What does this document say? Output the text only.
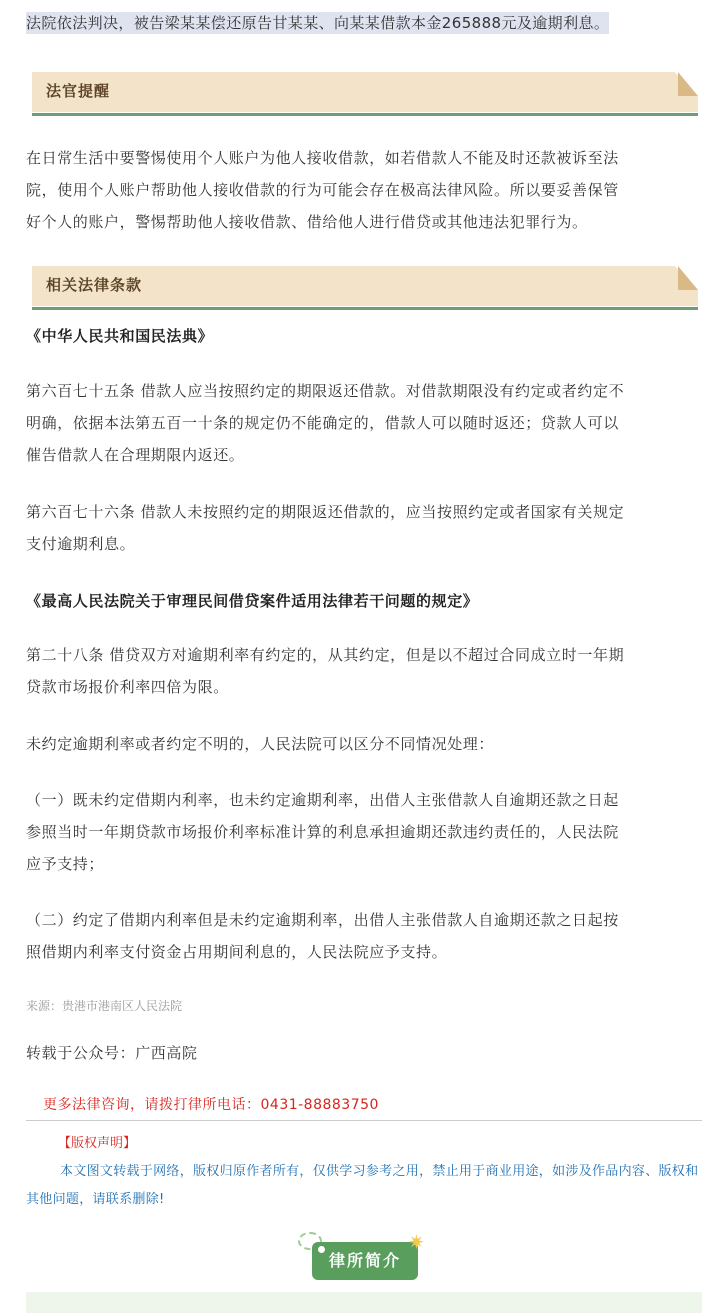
法院依法判决，被告梁某某偿还原告甘某某、向某某借款本金265888元及逾期利息。
法官提醒
在日常生活中要警惕使用个人账户为他人接收借款，如若借款人不能及时还款被诉至法
院，使用个人账户帮助他人接收借款的行为可能会存在极高法律风险。所以要妥善保管
好个人的账户，警惕帮助他人接收借款、借给他人进行借贷或其他违法犯罪行为。
相关法律条款
《中华人民共和国民法典》
第六百七十五条 借款人应当按照约定的期限返还借款。对借款期限没有约定或者约定不
明确，依据本法第五百一十条的规定仍不能确定的，借款人可以随时返还；贷款人可以
催告借款人在合理期限内返还。
第六百七十六条 借款人未按照约定的期限返还借款的，应当按照约定或者国家有关规定
支付逾期利息。
《最高人民法院关于审理民间借贷案件适用法律若干问题的规定》
第二十八条 借贷双方对逾期利率有约定的，从其约定，但是以不超过合同成立时一年期
贷款市场报价利率四倍为限。
未约定逾期利率或者约定不明的，人民法院可以区分不同情况处理：
（一）既未约定借期内利率，也未约定逾期利率，出借人主张借款人自逾期还款之日起
参照当时一年期贷款市场报价利率标准计算的利息承担逾期还款违约责任的，人民法院
应予支持；
（二）约定了借期内利率但是未约定逾期利率，出借人主张借款人自逾期还款之日起按
照借期内利率支付资金占用期间利息的，人民法院应予支持。
来源：贵港市港南区人民法院
转载于公众号：广西高院
更多法律咨询，请拨打律所电话：0431-88883750
【版权声明】
本文图文转载于网络，版权归原作者所有，仅供学习参考之用，禁止用于商业用途，如涉及作品内容、版权和其他问题，请联系删除!
律所简介
✷
